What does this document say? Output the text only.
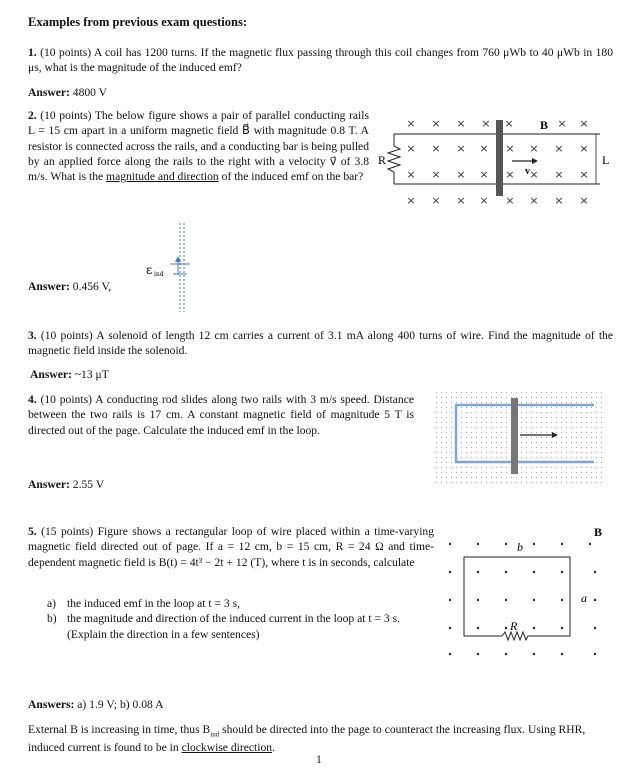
Examples from previous exam questions:
1. (10 points) A coil has 1200 turns. If the magnetic flux passing through this coil changes from 760 μWb to 40 μWb in 180 μs, what is the magnitude of the induced emf?
Answer: 4800 V
2. (10 points) The below figure shows a pair of parallel conducting rails L = 15 cm apart in a uniform magnetic field B⃗ with magnitude 0.8 T. A resistor is connected across the rails, and a conducting bar is being pulled by an applied force along the rails to the right with a velocity v⃗ of 3.8 m/s. What is the magnitude and direction of the induced emf on the bar?
× × × × ×	× ×
× × × × × × × ×
× × × × × × × ×
× × × × × × × ×
R
B
v
L
ε ind
Answer: 0.456 V,
3. (10 points) A solenoid of length 12 cm carries a current of 3.1 mA along 400 turns of wire. Find the magnitude of the magnetic field inside the solenoid.
Answer: ~13 μT
4. (10 points) A conducting rod slides along two rails with 3 m/s speed. Distance between the two rails is 17 cm. A constant magnetic field of magnitude 5 T is directed out of the page. Calculate the induced emf in the loop.
Answer: 2.55 V
5. (15 points) Figure shows a rectangular loop of wire placed within a time-varying magnetic field directed out of page. If a = 12 cm, b = 15 cm, R = 24 Ω and time-dependent magnetic field is B(t) = 4t³ − 2t + 12 (T), where t is in seconds, calculate
a) the induced emf in the loop at t = 3 s,
b) the magnitude and direction of the induced current in the loop at t = 3 s.
(Explain the direction in a few sentences)
b
a
R
B
Answers: a) 1.9 V; b) 0.08 A
External B is increasing in time, thus $B_{ind}$ should be directed into the page to counteract the increasing flux. Using RHR, induced current is found to be in clockwise direction.
1
